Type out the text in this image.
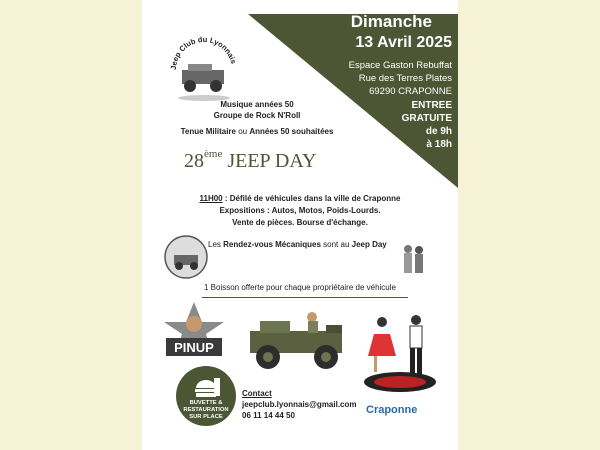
Dimanche
13 Avril 2025
Espace Gaston Rebuffat
Rue des Terres Plates
69290 CRAPONNE
ENTREE
GRATUITE
de 9h
à 18h
Jeep Club du Lyonnais
Musique années 50
Groupe de Rock N'Roll
Tenue Militaire ou Années 50 souhaitées
28ème JEEP DAY
11H00 : Défilé de véhicules dans la ville de Craponne
Expositions : Autos, Motos, Poids-Lourds.
Vente de pièces. Bourse d'échange.
Les Rendez-vous Mécaniques sont au Jeep Day
1 Boisson offerte pour chaque propriétaire de véhicule
PINUP
BUVETTE &
RESTAURATION
SUR PLACE
Contact
jeepclub.lyonnais@gmail.com
06 11 14 44 50	Craponne
